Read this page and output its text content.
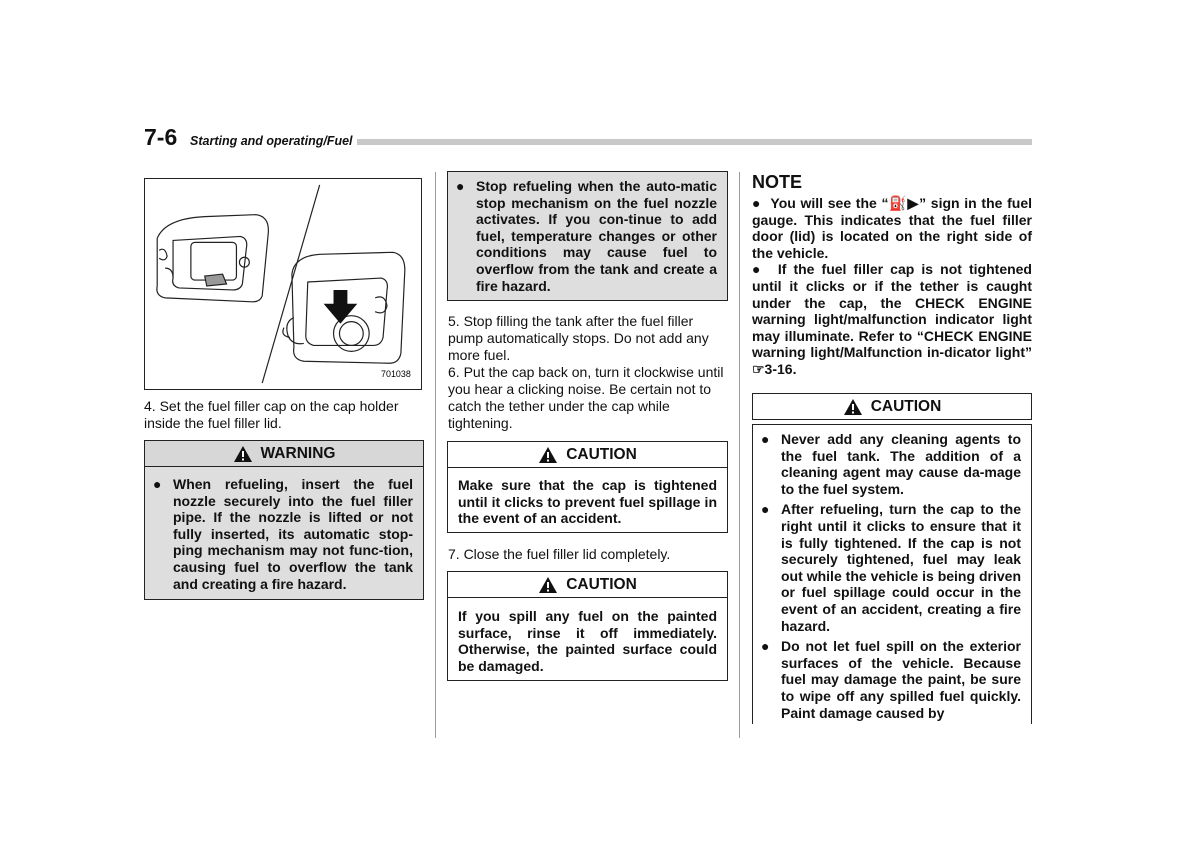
7-6 Starting and operating/Fuel
701038

4. Set the fuel filler cap on the cap holder inside the fuel filler lid.

WARNING
● When refueling, insert the fuel nozzle securely into the fuel filler pipe. If the nozzle is lifted or not fully inserted, its automatic stop-ping mechanism may not func-tion, causing fuel to overflow the tank and creating a fire hazard.
● Stop refueling when the auto-matic stop mechanism on the fuel nozzle activates. If you con-tinue to add fuel, temperature changes or other conditions may cause fuel to overflow from the tank and create a fire hazard.

5. Stop filling the tank after the fuel filler pump automatically stops. Do not add any more fuel.

6. Put the cap back on, turn it clockwise until you hear a clicking noise. Be certain not to catch the tether under the cap while tightening.

CAUTION
Make sure that the cap is tightened until it clicks to prevent fuel spillage in the event of an accident.

7. Close the fuel filler lid completely.

CAUTION
If you spill any fuel on the painted surface, rinse it off immediately. Otherwise, the painted surface could be damaged.
NOTE

● You will see the “⛽▶” sign in the fuel gauge. This indicates that the fuel filler door (lid) is located on the right side of the vehicle.

● If the fuel filler cap is not tightened until it clicks or if the tether is caught under the cap, the CHECK ENGINE warning light/malfunction indicator light may illuminate. Refer to “CHECK ENGINE warning light/Malfunction in-dicator light” ☞3-16.

CAUTION
● Never add any cleaning agents to the fuel tank. The addition of a cleaning agent may cause da-mage to the fuel system.
● After refueling, turn the cap to the right until it clicks to ensure that it is fully tightened. If the cap is not securely tightened, fuel may leak out while the vehicle is being driven or fuel spillage could occur in the event of an accident, creating a fire hazard.
● Do not let fuel spill on the exterior surfaces of the vehicle. Because fuel may damage the paint, be sure to wipe off any spilled fuel quickly. Paint damage caused by
